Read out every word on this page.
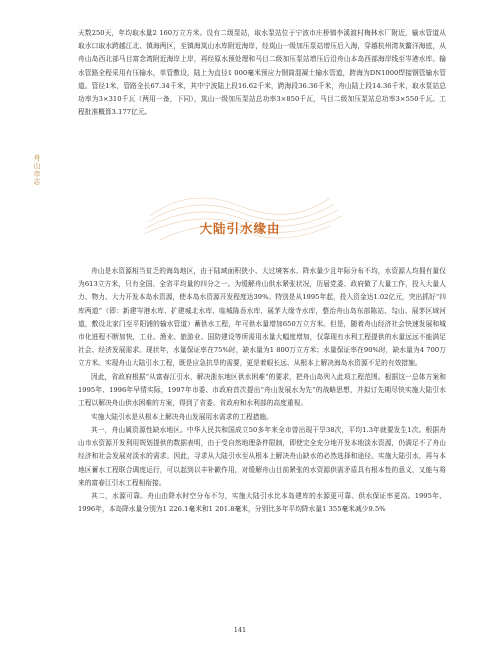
舟山市志

天数250天，年均取水量2 160万立方米。设有二级泵站，取水泵站位于宁波市庄桥镇李溪渡村梅林水厂附近，输水管道从取水口取水跨越江北、镇海两区，至镇海岚山水库附近海岸，经岚山一级加压泵站增压后入海，穿越杭州湾灰鳖洋海底，从舟山岛西北部马目富念湾附近海岸上岸，再经原水预处理和马目二级加压泵站增压后沿舟山本岛西部海岸线至岑港水库。输水管路全程采用有压输水，单管敷设，陆上为直径1 000毫米预应力钢筒混凝土输水管道，跨海为DN1000焊接钢管输水管道。管径1米，管路全长67.34千米，其中宁波陆上段16.62千米，跨海段36.36千米，舟山陆上段14.36千米，取水泵站总功率为3×310千瓦（两用一备，下同），岚山一级加压泵站总功率3×850千瓦，马目二级加压泵站总功率3×550千瓦。工程批准概算3.177亿元。

大陆引水缘由

舟山是水资源相当贫乏的海岛地区，由于陆域面积狭小、大过境客水、降水量少且年际分布不均，水资源人均拥有量仅为613立方米，只有全国、全省平均量的四分之一。为缓解舟山供水紧张状况，历届党委、政府做了大量工作，投入大量人力、物力、大力开发本岛水资源，使本岛水资源开发程度达39%。特别是从1995年起，投入资金达1.02亿元，突出抓好“四库两道”（即：新建岑港水库、扩建城北水库、临城陈岙水库、展茅大缘寺水库，整治舟山岛东部陈站、勾山、展茅区域河道，敷设北家门至平阳浦的输水管道）蓄供水工程，年可供水量增加650万立方米。但是，随着舟山经济社会快速发展和城市化进程不断加快，工业、渔业、旅游业、国防建设等所需用水量大幅度增加，仅靠现有水利工程提供的水量远远不能满足社会、经济发展需求。现状年，水量保证率在75%时，缺水量为1 800万立方米；水量保证率在90%时，缺水量为4 700万立方米。实现舟山大陆引水工程，既是应急抗旱的需要，更是着眼长远、从根本上解决海岛水资源不足的有效措施。

因此，省政府根据“从富春江引水，解决浙东地区供水困难”的要求，把舟山岛列入此项工程范围。根据这一总体方案和1995年、1996年早情实际，1997年市委、市政府首次提出“舟山发展水为先”的战略思想，并拟订先期尽快实施大陆引水工程以解决舟山供水困难的方案，得到了省委、省政府和水利部的高度重视。

实施大陆引水是从根本上解决舟山发展用水需求的工程措施。

其一，舟山属资源性缺水地区。中华人民共和国成立50多年来全市曾出现干旱38次，平均1.3年就要发生1次。根据舟山市水资源开发利用规划提供的数据表明，由于受自然地理条件限制，即使完全充分地开发本地淡水资源，仍满足不了舟山经济和社会发展对淡水的需求。因此，寻求从大陆引水至从根本上解决舟山缺水的必然选择和途径。实施大陆引水，再与本地区蓄水工程联合调度运行，可以起到以丰补歉作用，对缓解舟山目前紧张的水资源供需矛盾具有根本性的意义，又能与将来的富春江引水工程相衔接。

其二，水源可靠。舟山由降水时空分布不匀，实施大陆引水比本岛建库的水源更可靠、供水保证率更高。1995年、1996年，本岛降水量分别为1 226.1毫米和1 201.8毫米，分别比多年平均降水量1 355毫米减少9.5%

141
